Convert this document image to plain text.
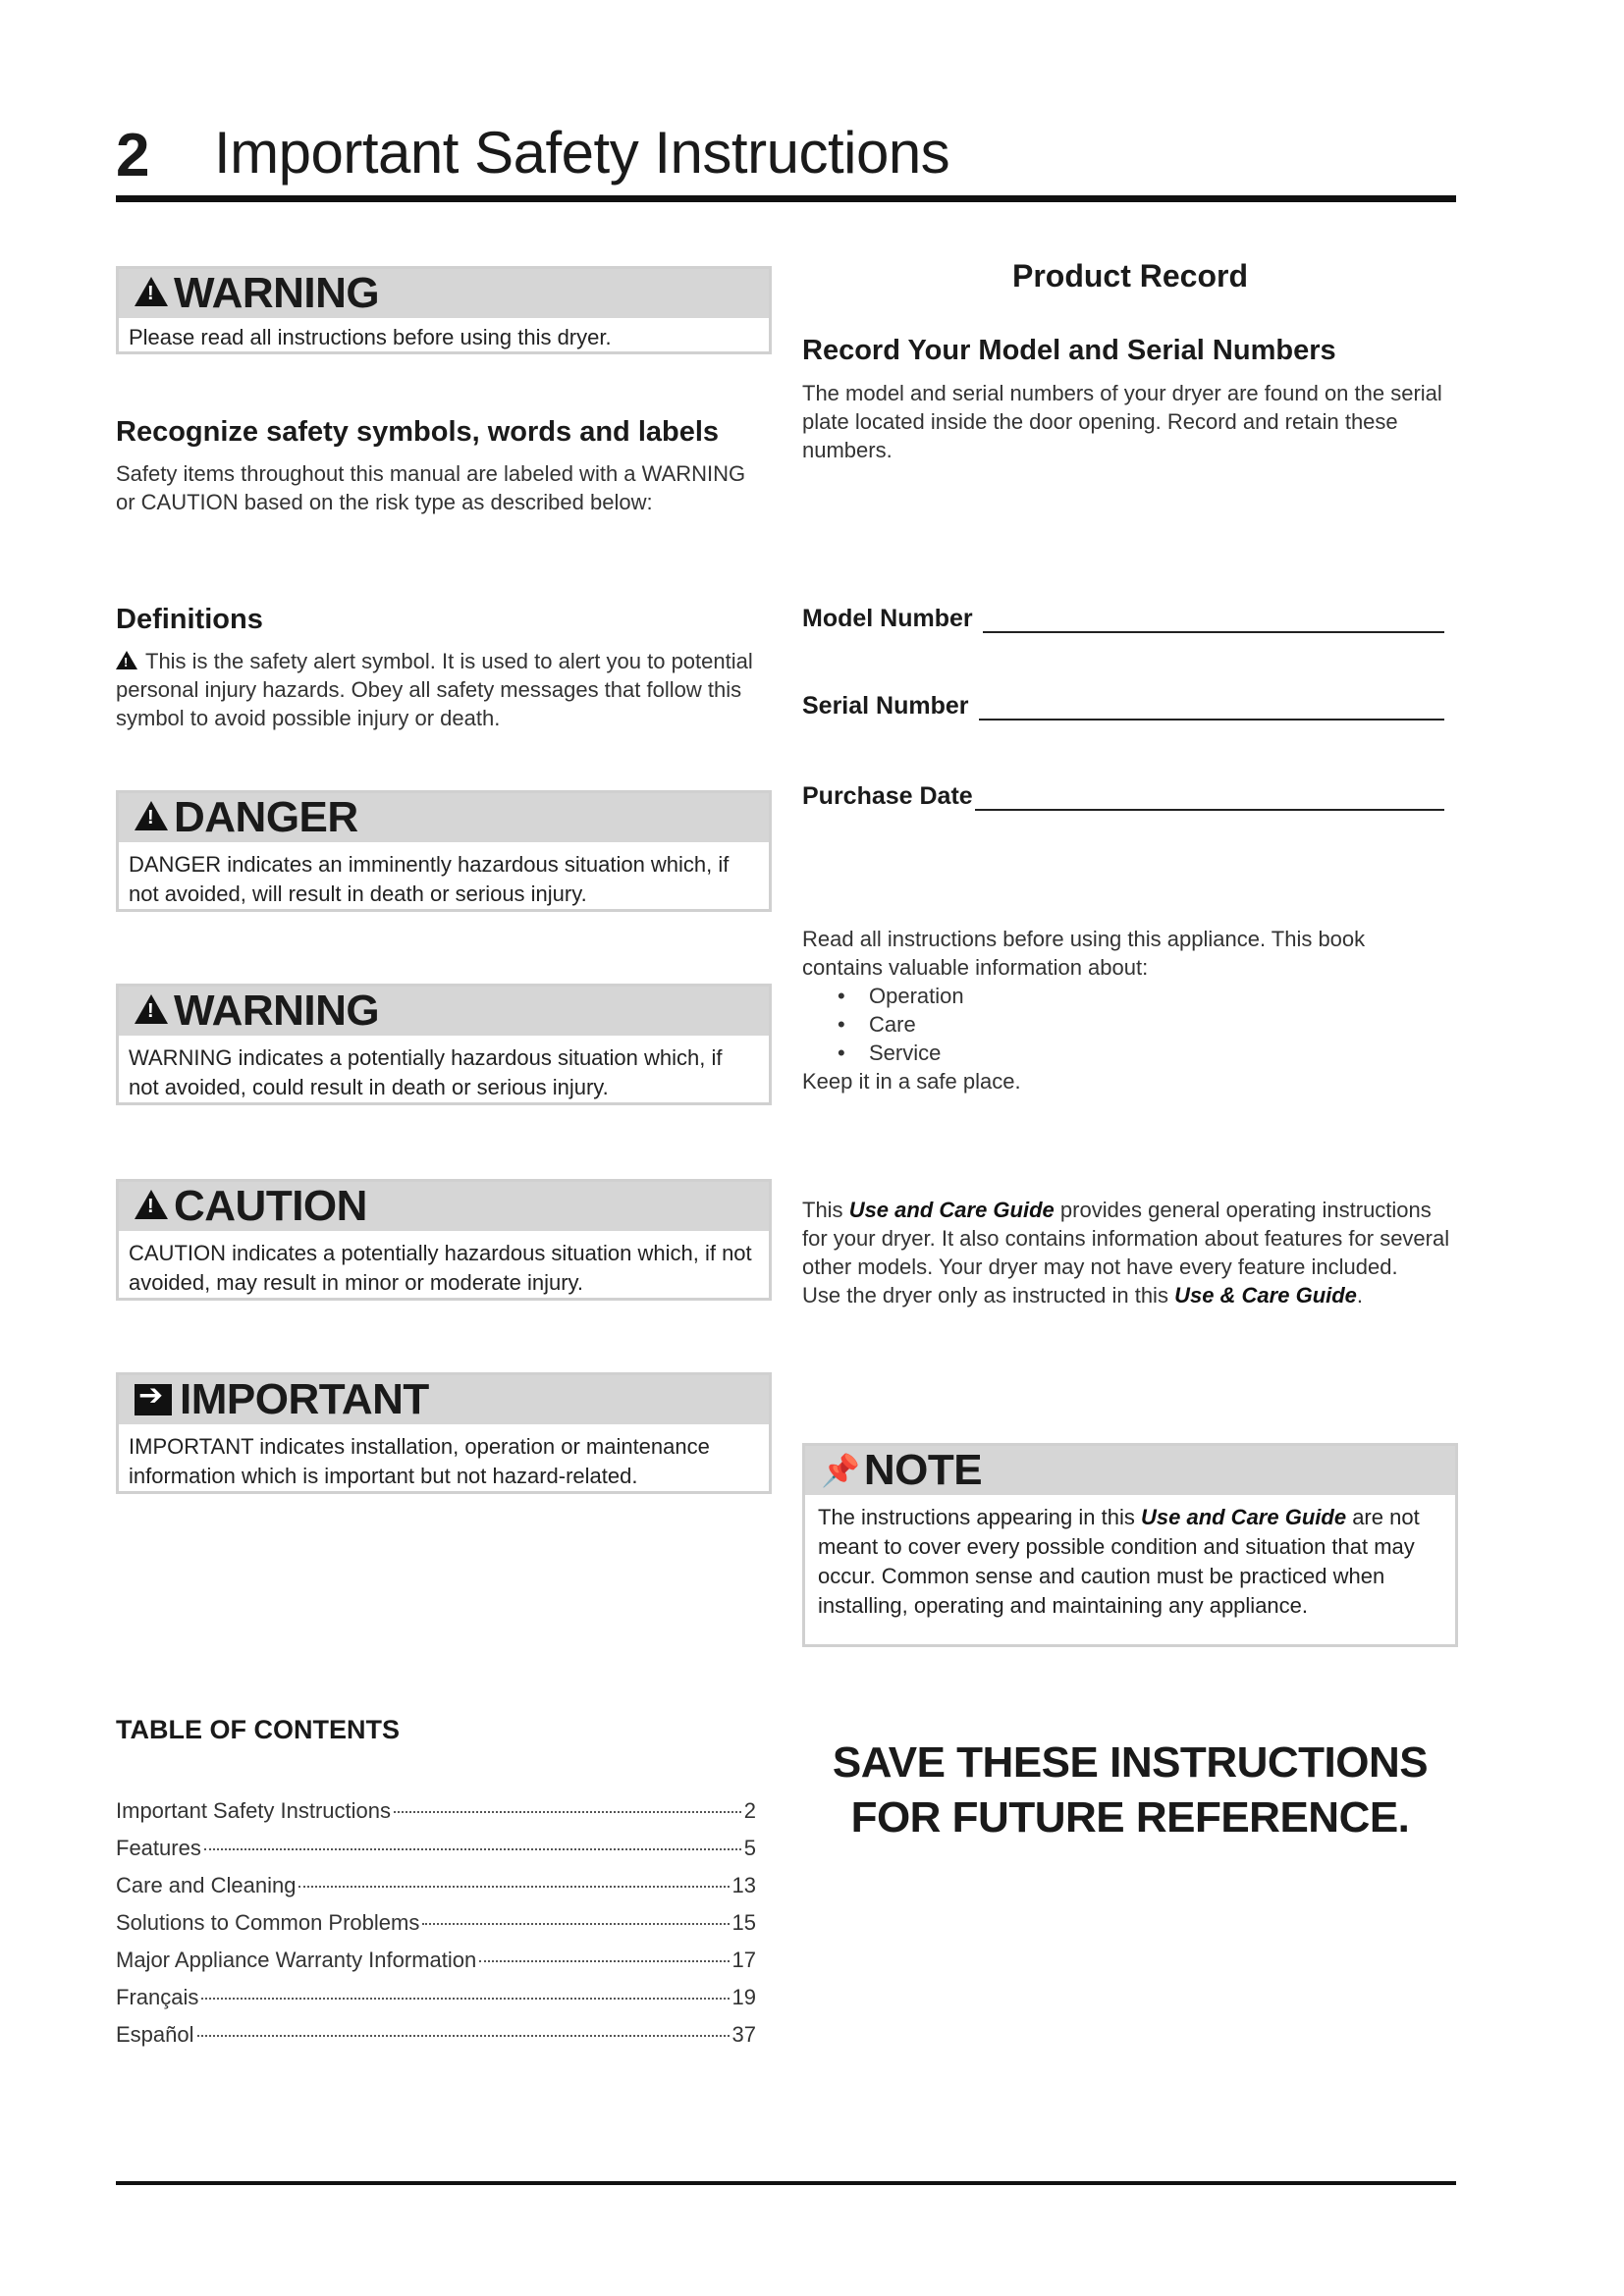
2 Important Safety Instructions
!
WARNING
Please read all instructions before using this dryer.
Recognize safety symbols, words and labels
Safety items throughout this manual are labeled with a WARNING or CAUTION based on the risk type as described below:
Definitions
!This is the safety alert symbol. It is used to alert you to potential personal injury hazards. Obey all safety messages that follow this symbol to avoid possible injury or death.
!
DANGER
DANGER indicates an imminently hazardous situation which, if not avoided, will result in death or serious injury.
!
WARNING
WARNING indicates a potentially hazardous situation which, if not avoided, could result in death or serious injury.
!
CAUTION
CAUTION indicates a potentially hazardous situation which, if not avoided, may result in minor or moderate injury.
➔
IMPORTANT
IMPORTANT indicates installation, operation or maintenance information which is important but not hazard-related.
Product Record
Record Your Model and Serial Numbers
The model and serial numbers of your dryer are found on the serial plate located inside the door opening. Record and retain these numbers.
Model Number
Serial Number
Purchase Date
Read all instructions before using this appliance. This book contains valuable information about:
• Operation
• Care
• Service
Keep it in a safe place.
This Use and Care Guide provides general operating instructions for your dryer. It also contains information about features for several other models. Your dryer may not have every feature included.
Use the dryer only as instructed in this Use & Care Guide.
📌 NOTE
The instructions appearing in this Use and Care Guide are not meant to cover every possible condition and situation that may occur. Common sense and caution must be practiced when installing, operating and maintaining any appliance.
TABLE OF CONTENTS
Important Safety Instructions	2
Features	5
Care and Cleaning	13
Solutions to Common Problems	15
Major Appliance Warranty Information	17
Français	19
Español	37
SAVE THESE INSTRUCTIONS
FOR FUTURE REFERENCE.
